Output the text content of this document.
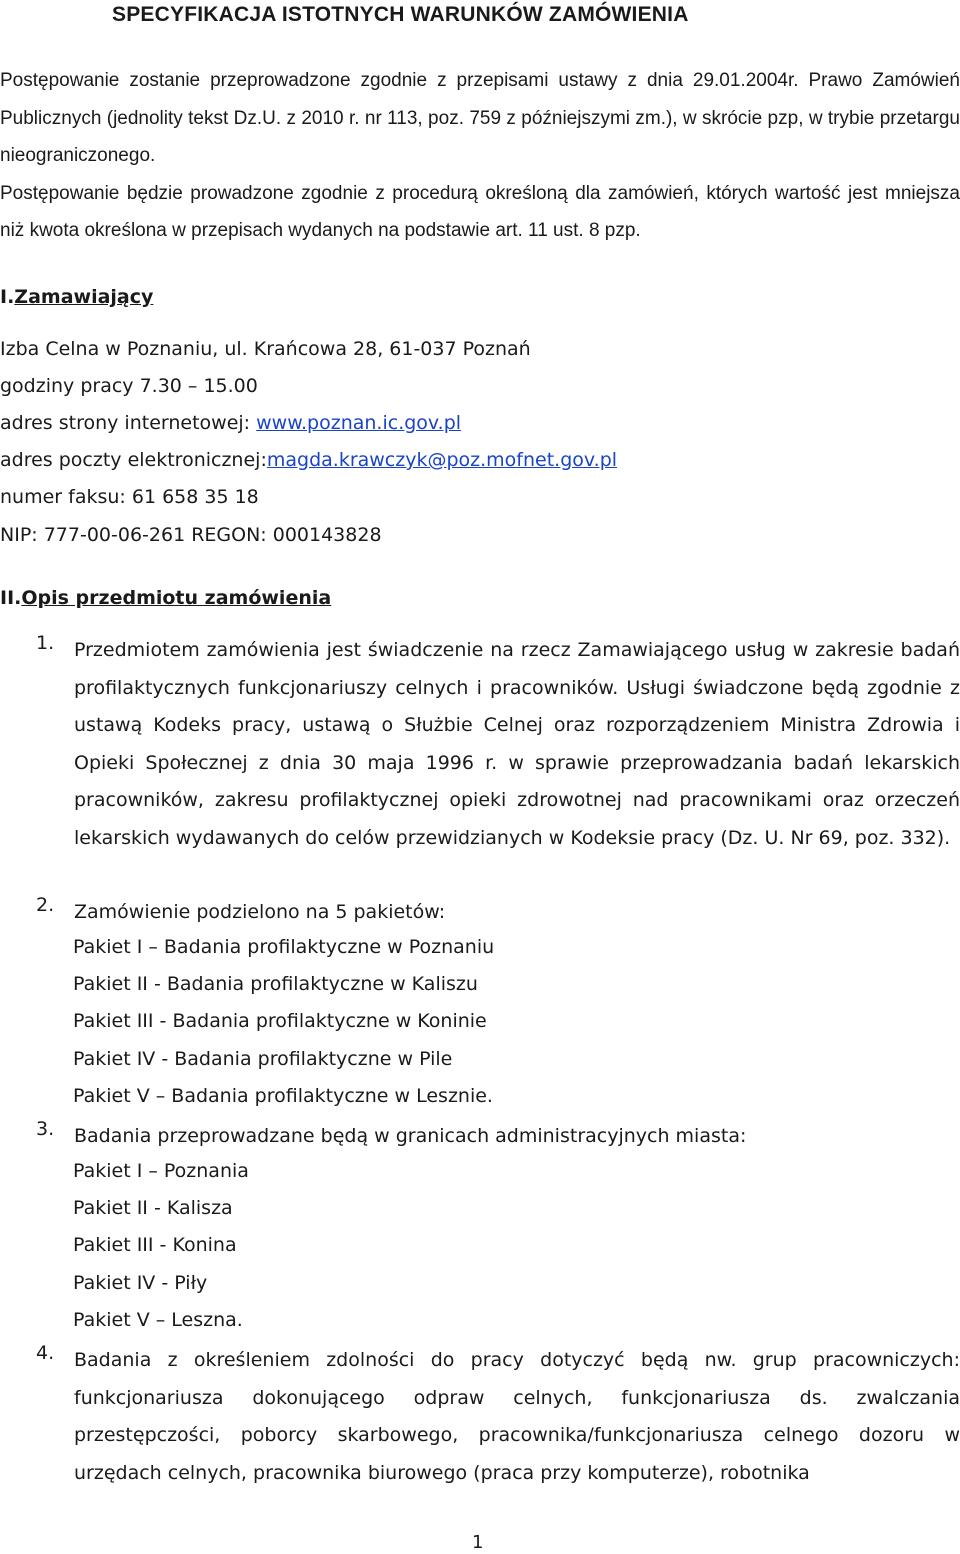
SPECYFIKACJA ISTOTNYCH WARUNKÓW ZAMÓWIENIA

Postępowanie zostanie przeprowadzone zgodnie z przepisami ustawy z dnia 29.01.2004r. Prawo Zamówień Publicznych (jednolity tekst Dz.U. z 2010 r. nr 113, poz. 759 z późniejszymi zm.), w skrócie pzp, w trybie przetargu nieograniczonego.

Postępowanie będzie prowadzone zgodnie z procedurą określoną dla zamówień, których wartość jest mniejsza niż kwota określona w przepisach wydanych na podstawie art. 11 ust. 8 pzp.

I.Zamawiający
Izba Celna w Poznaniu, ul. Krańcowa 28, 61-037 Poznań
godziny pracy 7.30 – 15.00
adres strony internetowej: www.poznan.ic.gov.pl
adres poczty elektronicznej:magda.krawczyk@poz.mofnet.gov.pl
numer faksu: 61 658 35 18
NIP: 777-00-06-261 REGON: 000143828
II.Opis przedmiotu zamówienia
1. Przedmiotem zamówienia jest świadczenie na rzecz Zamawiającego usług w zakresie badań profilaktycznych funkcjonariuszy celnych i pracowników. Usługi świadczone będą zgodnie z ustawą Kodeks pracy, ustawą o Służbie Celnej oraz rozporządzeniem Ministra Zdrowia i Opieki Społecznej z dnia 30 maja 1996 r. w sprawie przeprowadzania badań lekarskich pracowników, zakresu profilaktycznej opieki zdrowotnej nad pracownikami oraz orzeczeń lekarskich wydawanych do celów przewidzianych w Kodeksie pracy (Dz. U. Nr 69, poz. 332).
2. Zamówienie podzielono na 5 pakietów:
Pakiet I – Badania profilaktyczne w Poznaniu
Pakiet II - Badania profilaktyczne w Kaliszu
Pakiet III - Badania profilaktyczne w Koninie
Pakiet IV - Badania profilaktyczne w Pile
Pakiet V – Badania profilaktyczne w Lesznie.
3. Badania przeprowadzane będą w granicach administracyjnych miasta:
Pakiet I – Poznania
Pakiet II - Kalisza
Pakiet III - Konina
Pakiet IV - Piły
Pakiet V – Leszna.
4. Badania z określeniem zdolności do pracy dotyczyć będą nw. grup pracowniczych: funkcjonariusza dokonującego odpraw celnych, funkcjonariusza ds. zwalczania przestępczości, poborcy skarbowego, pracownika/funkcjonariusza celnego dozoru w urzędach celnych, pracownika biurowego (praca przy komputerze), robotnika
1
